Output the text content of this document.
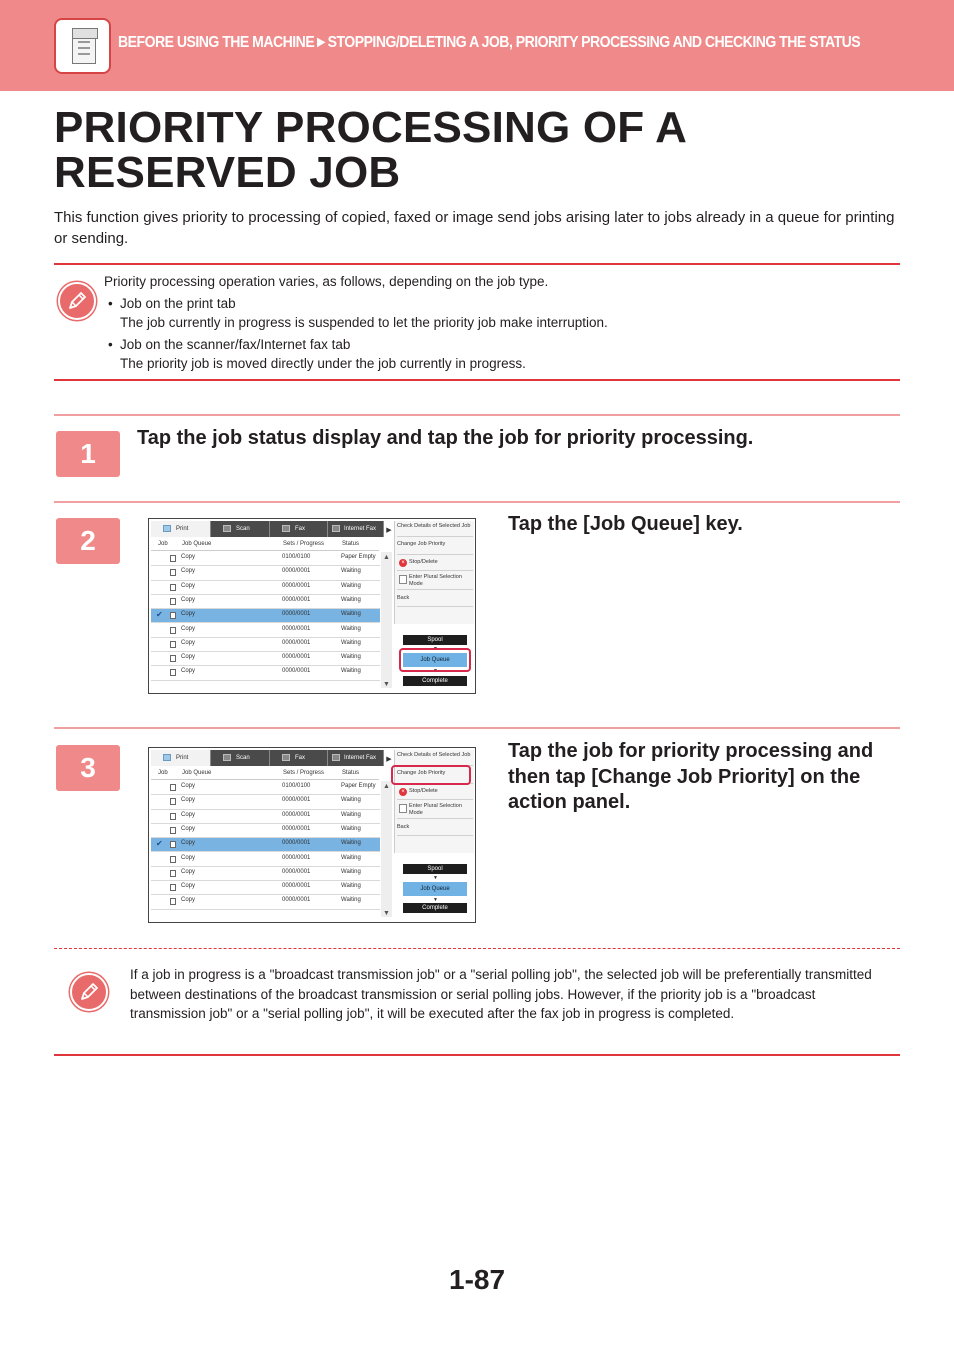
BEFORE USING THE MACHINE►STOPPING/DELETING A JOB, PRIORITY PROCESSING AND CHECKING THE STATUS
PRIORITY PROCESSING OF A RESERVED JOB
This function gives priority to processing of copied, faxed or image send jobs arising later to jobs already in a queue for printing or sending.
Priority processing operation varies, as follows, depending on the job type.
• Job on the print tab
The job currently in progress is suspended to let the priority job make interruption.
• Job on the scanner/fax/Internet fax tab
The priority job is moved directly under the job currently in progress.
1	Tap the job status display and tap the job for priority processing.
2
Tap the [Job Queue] key.
Print	Scan	Fax	Internet Fax	▶
Job Job Queue	Sets / Progress	Status
Copy	0100/0100	Paper Empty
Copy	0000/0001	Waiting
Copy	0000/0001	Waiting
Copy	0000/0001	Waiting
✔	Copy	0000/0001	Waiting
Copy	0000/0001	Waiting
Copy	0000/0001	Waiting
Copy	0000/0001	Waiting
Copy	0000/0001	Waiting
▲
▼
Check Details of Selected Job
Change Job Priority
× Stop/Delete
Enter Plural Selection Mode
Back
Spool
▼
Job Queue
▼
Complete
3
Tap the job for priority processing and then tap [Change Job Priority] on the action panel.
Print	Scan	Fax	Internet Fax	▶
Job Job Queue	Sets / Progress	Status
Copy	0100/0100	Paper Empty
Copy	0000/0001	Waiting
Copy	0000/0001	Waiting
Copy	0000/0001	Waiting
✔	Copy	0000/0001	Waiting
Copy	0000/0001	Waiting
Copy	0000/0001	Waiting
Copy	0000/0001	Waiting
Copy	0000/0001	Waiting
▲
▼
Check Details of Selected Job
Change Job Priority
× Stop/Delete
Enter Plural Selection Mode
Back
Spool
▼
Job Queue
▼
Complete
If a job in progress is a "broadcast transmission job" or a "serial polling job", the selected job will be preferentially transmitted between destinations of the broadcast transmission or serial polling jobs. However, if the priority job is a "broadcast transmission job" or a "serial polling job", it will be executed after the fax job in progress is completed.
1-87
